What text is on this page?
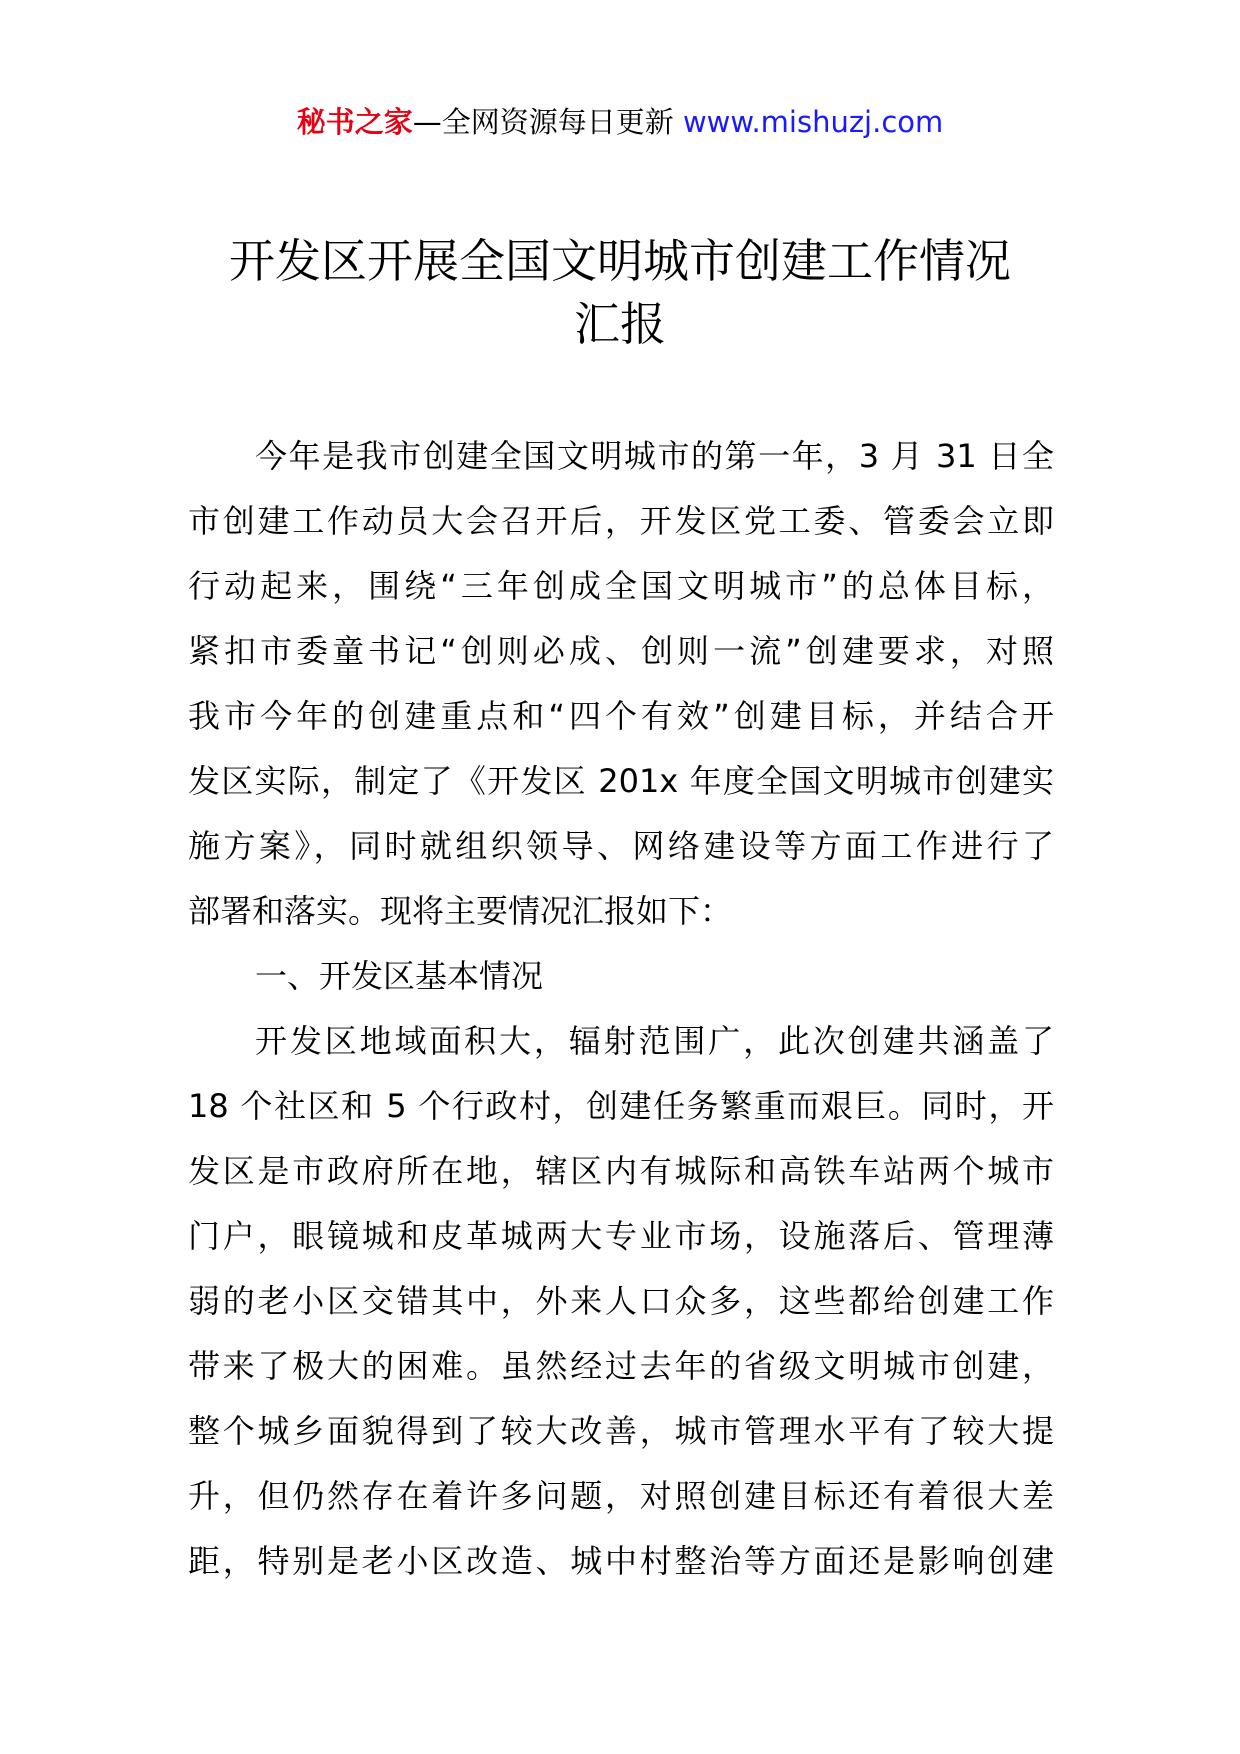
秘书之家—全网资源每日更新 www.mishuzj.com
开发区开展全国文明城市创建工作情况
汇报
今年是我市创建全国文明城市的第一年，3 月 31 日全
市创建工作动员大会召开后，开发区党工委、管委会立即
行动起来，围绕“三年创成全国文明城市”的总体目标，
紧扣市委童书记“创则必成、创则一流”创建要求，对照
我市今年的创建重点和“四个有效”创建目标，并结合开
发区实际，制定了《开发区 201x 年度全国文明城市创建实
施方案》，同时就组织领导、网络建设等方面工作进行了
部署和落实。现将主要情况汇报如下：
一、开发区基本情况
开发区地域面积大，辐射范围广，此次创建共涵盖了
18 个社区和 5 个行政村，创建任务繁重而艰巨。同时，开
发区是市政府所在地，辖区内有城际和高铁车站两个城市
门户，眼镜城和皮革城两大专业市场，设施落后、管理薄
弱的老小区交错其中，外来人口众多，这些都给创建工作
带来了极大的困难。虽然经过去年的省级文明城市创建，
整个城乡面貌得到了较大改善，城市管理水平有了较大提
升，但仍然存在着许多问题，对照创建目标还有着很大差
距，特别是老小区改造、城中村整治等方面还是影响创建
